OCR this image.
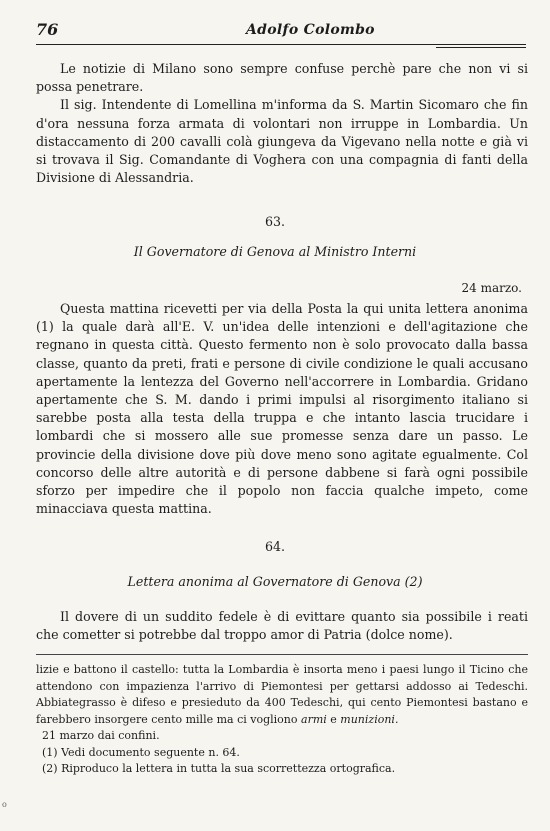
76	Adolfo Colombo

Le notizie di Milano sono sempre confuse perchè pare che non vi si possa penetrare.

Il sig. Intendente di Lomellina m'informa da S. Martin Sicomaro che fin d'ora nessuna forza armata di volontari non irruppe in Lombardia. Un distaccamento di 200 cavalli colà giungeva da Vigevano nella notte e già vi si trovava il Sig. Comandante di Voghera con una compagnia di fanti della Divisione di Alessandria.

63.
Il Governatore di Genova al Ministro Interni
24 marzo.

Questa mattina ricevetti per via della Posta la qui unita lettera anonima (1) la quale darà all'E. V. un'idea delle intenzioni e dell'agitazione che regnano in questa città. Questo fermento non è solo provocato dalla bassa classe, quanto da preti, frati e persone di civile condizione le quali accusano apertamente la lentezza del Governo nell'accorrere in Lombardia. Gridano apertamente che S. M. dando i primi impulsi al risorgimento italiano si sarebbe posta alla testa della truppa e che intanto lascia trucidare i lombardi che si mossero alle sue promesse senza dare un passo. Le provincie della divisione dove più dove meno sono agitate egualmente. Col concorso delle altre autorità e di persone dabbene si farà ogni possibile sforzo per impedire che il popolo non faccia qualche impeto, come minacciava questa mattina.

64.
Lettera anonima al Governatore di Genova (2)

Il dovere di un suddito fedele è di evittare quanto sia possibile i reati che cometter si potrebbe dal troppo amor di Patria (dolce nome).

lizie e battono il castello: tutta la Lombardia è insorta meno i paesi lungo il Ticino che attendono con impazienza l'arrivo di Piemontesi per gettarsi addosso ai Tedeschi. Abbiategrasso è difeso e presieduto da 400 Tedeschi, qui cento Piemontesi bastano e farebbero insorgere cento mille ma ci vogliono armi e munizioni.

21 marzo dai confini.

(1) Vedi documento seguente n. 64.

(2) Riproduco la lettera in tutta la sua scorrettezza ortografica.

o
